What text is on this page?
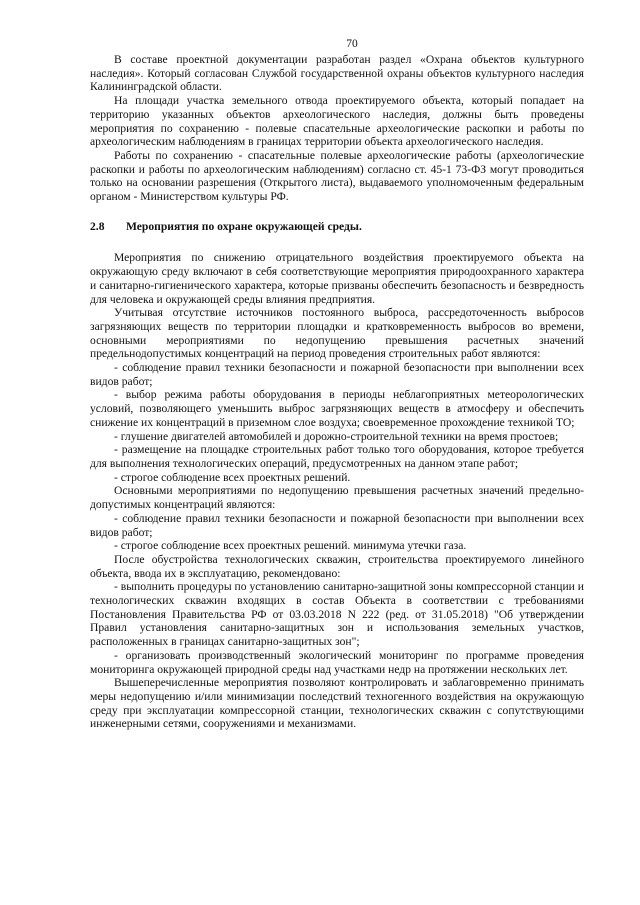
70

В составе проектной документации разработан раздел «Охрана объектов культурного наследия». Который согласован Службой государственной охраны объектов культурного наследия Калининградской области.

На площади участка земельного отвода проектируемого объекта, который попадает на территорию указанных объектов археологического наследия, должны быть проведены мероприятия по сохранению - полевые спасательные археологические раскопки и работы по археологическим наблюдениям в границах территории объекта археологического наследия.

Работы по сохранению - спасательные полевые археологические работы (археологические раскопки и работы по археологическим наблюдениям) согласно ст. 45-1 73-ФЗ могут проводиться только на основании разрешения (Открытого листа), выдаваемого уполномоченным федеральным органом - Министерством культуры РФ.

2.8 Мероприятия по охране окружающей среды.

Мероприятия по снижению отрицательного воздействия проектируемого объекта на окружающую среду включают в себя соответствующие мероприятия природоохранного характера и санитарно-гигиенического характера, которые призваны обеспечить безопасность и безвредность для человека и окружающей среды влияния предприятия.

Учитывая отсутствие источников постоянного выброса, рассредоточенность выбросов загрязняющих веществ по территории площадки и кратковременность выбросов во времени, основными мероприятиями по недопущению превышения расчетных значений предельнодопустимых концентраций на период проведения строительных работ являются:

- соблюдение правил техники безопасности и пожарной безопасности при выполнении всех видов работ;

- выбор режима работы оборудования в периоды неблагоприятных метеорологических условий, позволяющего уменьшить выброс загрязняющих веществ в атмосферу и обеспечить снижение их концентраций в приземном слое воздуха; своевременное прохождение техникой ТО;

- глушение двигателей автомобилей и дорожно-строительной техники на время простоев;

- размещение на площадке строительных работ только того оборудования, которое требуется для выполнения технологических операций, предусмотренных на данном этапе работ;

- строгое соблюдение всех проектных решений.

Основными мероприятиями по недопущению превышения расчетных значений предельно-допустимых концентраций являются:

- соблюдение правил техники безопасности и пожарной безопасности при выполнении всех видов работ;

- строгое соблюдение всех проектных решений. минимума утечки газа.

После обустройства технологических скважин, строительства проектируемого линейного объекта, ввода их в эксплуатацию, рекомендовано:

- выполнить процедуры по установлению санитарно-защитной зоны компрессорной станции и технологических скважин входящих в состав Объекта в соответствии с требованиями Постановления Правительства РФ от 03.03.2018 N 222 (ред. от 31.05.2018) "Об утверждении Правил установления санитарно-защитных зон и использования земельных участков, расположенных в границах санитарно-защитных зон";

- организовать производственный экологический мониторинг по программе проведения мониторинга окружающей природной среды над участками недр на протяжении нескольких лет.

Вышеперечисленные мероприятия позволяют контролировать и заблаговременно принимать меры недопущению и/или минимизации последствий техногенного воздействия на окружающую среду при эксплуатации компрессорной станции, технологических скважин с сопутствующими инженерными сетями, сооружениями и механизмами.
